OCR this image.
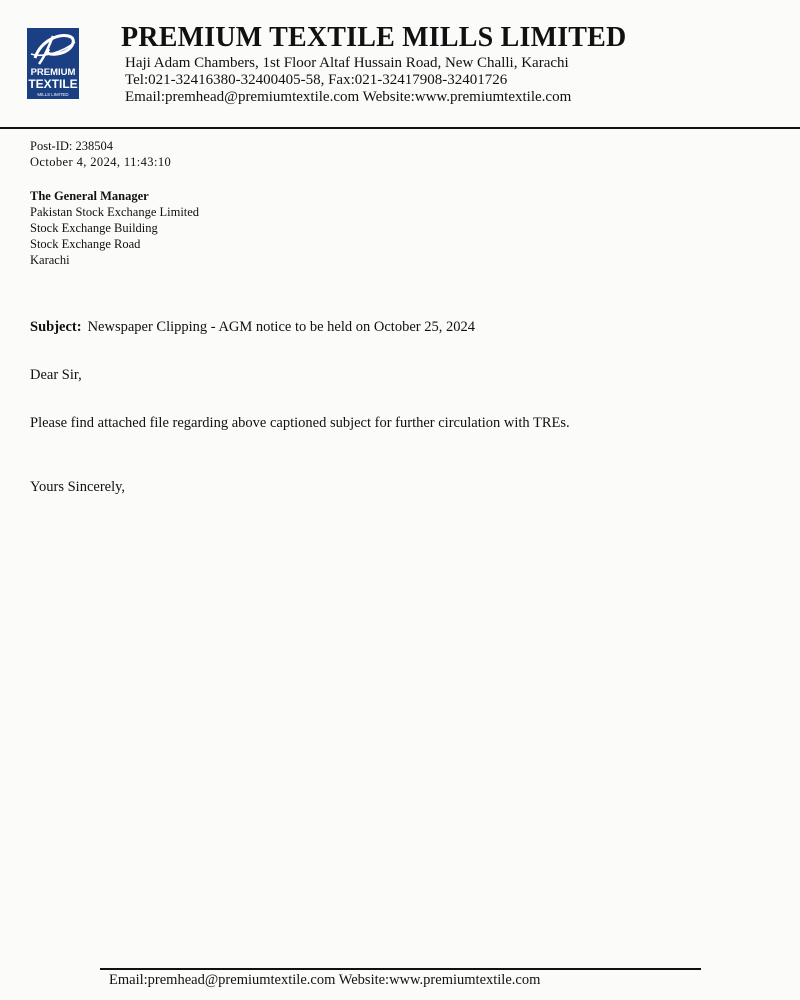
PREMIUM
TEXTILE
MILLS LIMITED
PREMIUM TEXTILE MILLS LIMITED
Haji Adam Chambers, 1st Floor Altaf Hussain Road, New Challi, Karachi
Tel:021-32416380-32400405-58, Fax:021-32417908-32401726
Email:premhead@premiumtextile.com Website:www.premiumtextile.com
Post-ID: 238504
October 4, 2024, 11:43:10
The General Manager
Pakistan Stock Exchange Limited
Stock Exchange Building
Stock Exchange Road
Karachi
Subject: Newspaper Clipping - AGM notice to be held on October 25, 2024
Dear Sir,
Please find attached file regarding above captioned subject for further circulation with TREs.
Yours Sincerely,
Email:premhead@premiumtextile.com Website:www.premiumtextile.com
